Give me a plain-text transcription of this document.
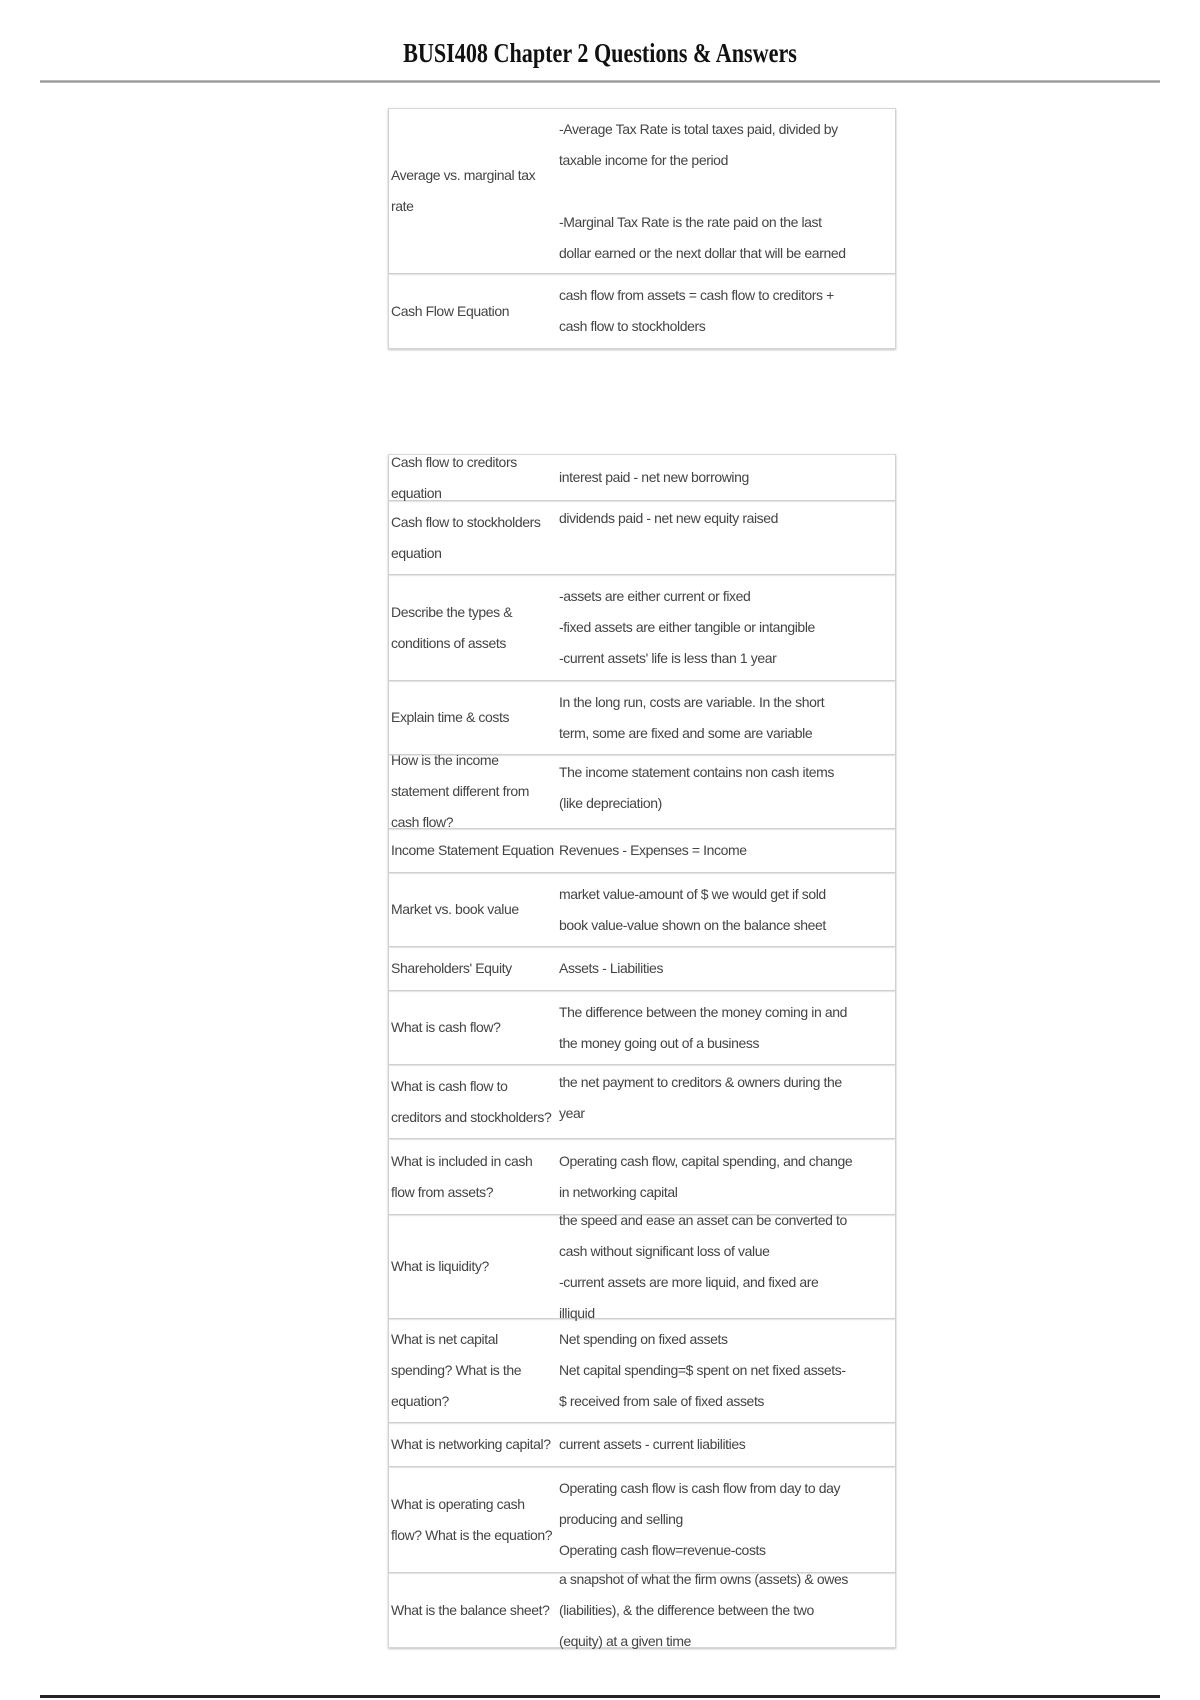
BUSI408 Chapter 2 Questions & Answers
Average vs. marginal tax rate
-Average Tax Rate is total taxes paid, divided by taxable income for the period

-Marginal Tax Rate is the rate paid on the last dollar earned or the next dollar that will be earned
Cash Flow Equation
cash flow from assets = cash flow to creditors + cash flow to stockholders
Cash flow to creditors equation
interest paid - net new borrowing
Cash flow to stockholders equation
dividends paid - net new equity raised
Describe the types & conditions of assets
-assets are either current or fixed
-fixed assets are either tangible or intangible
-current assets' life is less than 1 year
Explain time & costs
In the long run, costs are variable. In the short term, some are fixed and some are variable
How is the income statement different from cash flow?
The income statement contains non cash items (like depreciation)
Income Statement Equation Revenues - Expenses = Income
Market vs. book value
market value-amount of $ we would get if sold
book value-value shown on the balance sheet
Shareholders' Equity	Assets - Liabilities
What is cash flow?
The difference between the money coming in and the money going out of a business
What is cash flow to creditors and stockholders?
the net payment to creditors & owners during the year
What is included in cash flow from assets?
Operating cash flow, capital spending, and change in networking capital
What is liquidity?
the speed and ease an asset can be converted to cash without significant loss of value
-current assets are more liquid, and fixed are illiquid
What is net capital spending? What is the equation?
Net spending on fixed assets
Net capital spending=$ spent on net fixed assets- $ received from sale of fixed assets
What is networking capital? current assets - current liabilities
What is operating cash flow? What is the equation?
Operating cash flow is cash flow from day to day producing and selling
Operating cash flow=revenue-costs
What is the balance sheet?
a snapshot of what the firm owns (assets) & owes (liabilities), & the difference between the two (equity) at a given time
